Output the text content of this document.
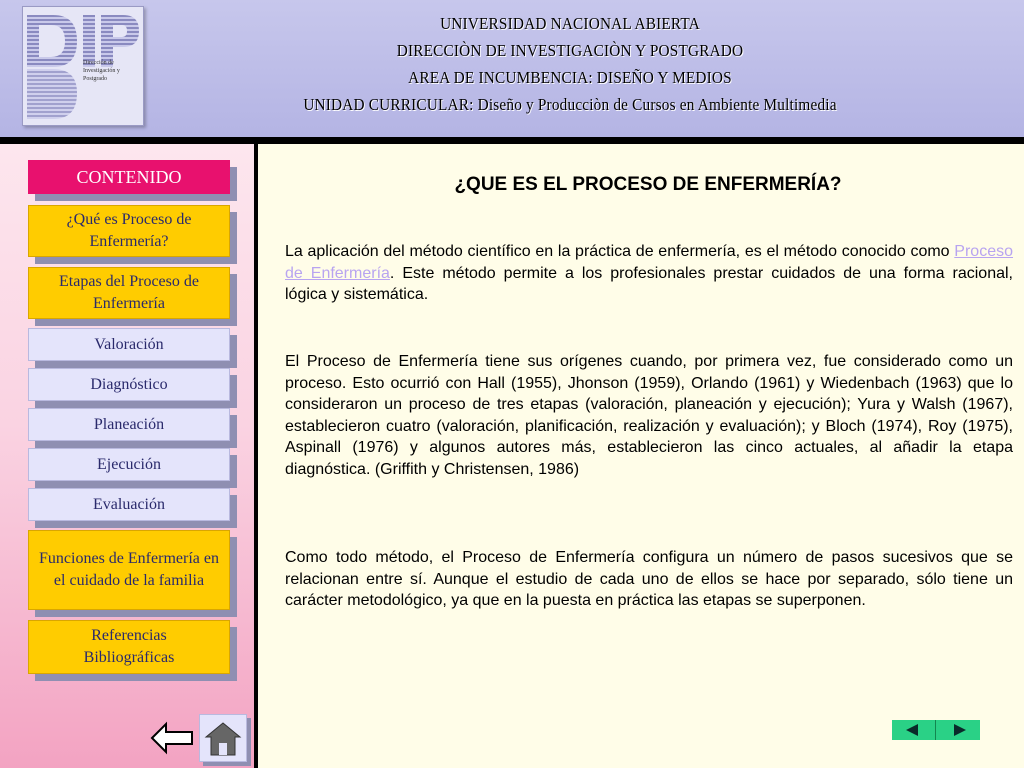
Dirección de Investigación y Postgrado
UNIVERSIDAD NACIONAL ABIERTA
DIRECCIÒN DE INVESTIGACIÒN Y POSTGRADO
AREA DE INCUMBENCIA: DISEÑO Y MEDIOS
UNIDAD CURRICULAR: Diseño y Producciòn de Cursos en Ambiente Multimedia
CONTENIDO
¿Qué es Proceso de Enfermería?
Etapas del Proceso de Enfermería
Valoración
Diagnóstico
Planeación
Ejecución
Evaluación
Funciones de Enfermería en el cuidado de la familia
Referencias Bibliográficas
¿QUE ES EL PROCESO DE ENFERMERÍA?

La aplicación del método científico en la práctica de enfermería, es el método conocido como Proceso de Enfermería. Este método permite a los profesionales prestar cuidados de una forma racional, lógica y sistemática.

El Proceso de Enfermería tiene sus orígenes cuando, por primera vez, fue considerado como un proceso. Esto ocurrió con Hall (1955), Jhonson (1959), Orlando (1961) y Wiedenbach (1963) que lo consideraron un proceso de tres etapas (valoración, planeación y ejecución); Yura y Walsh (1967), establecieron cuatro (valoración, planificación, realización y evaluación); y Bloch (1974), Roy (1975), Aspinall (1976) y algunos autores más, establecieron las cinco actuales, al añadir la etapa diagnóstica. (Griffith y Christensen, 1986)

Como todo método, el Proceso de Enfermería configura un número de pasos sucesivos que se relacionan entre sí. Aunque el estudio de cada uno de ellos se hace por separado, sólo tiene un carácter metodológico, ya que en la puesta en práctica las etapas se superponen.
